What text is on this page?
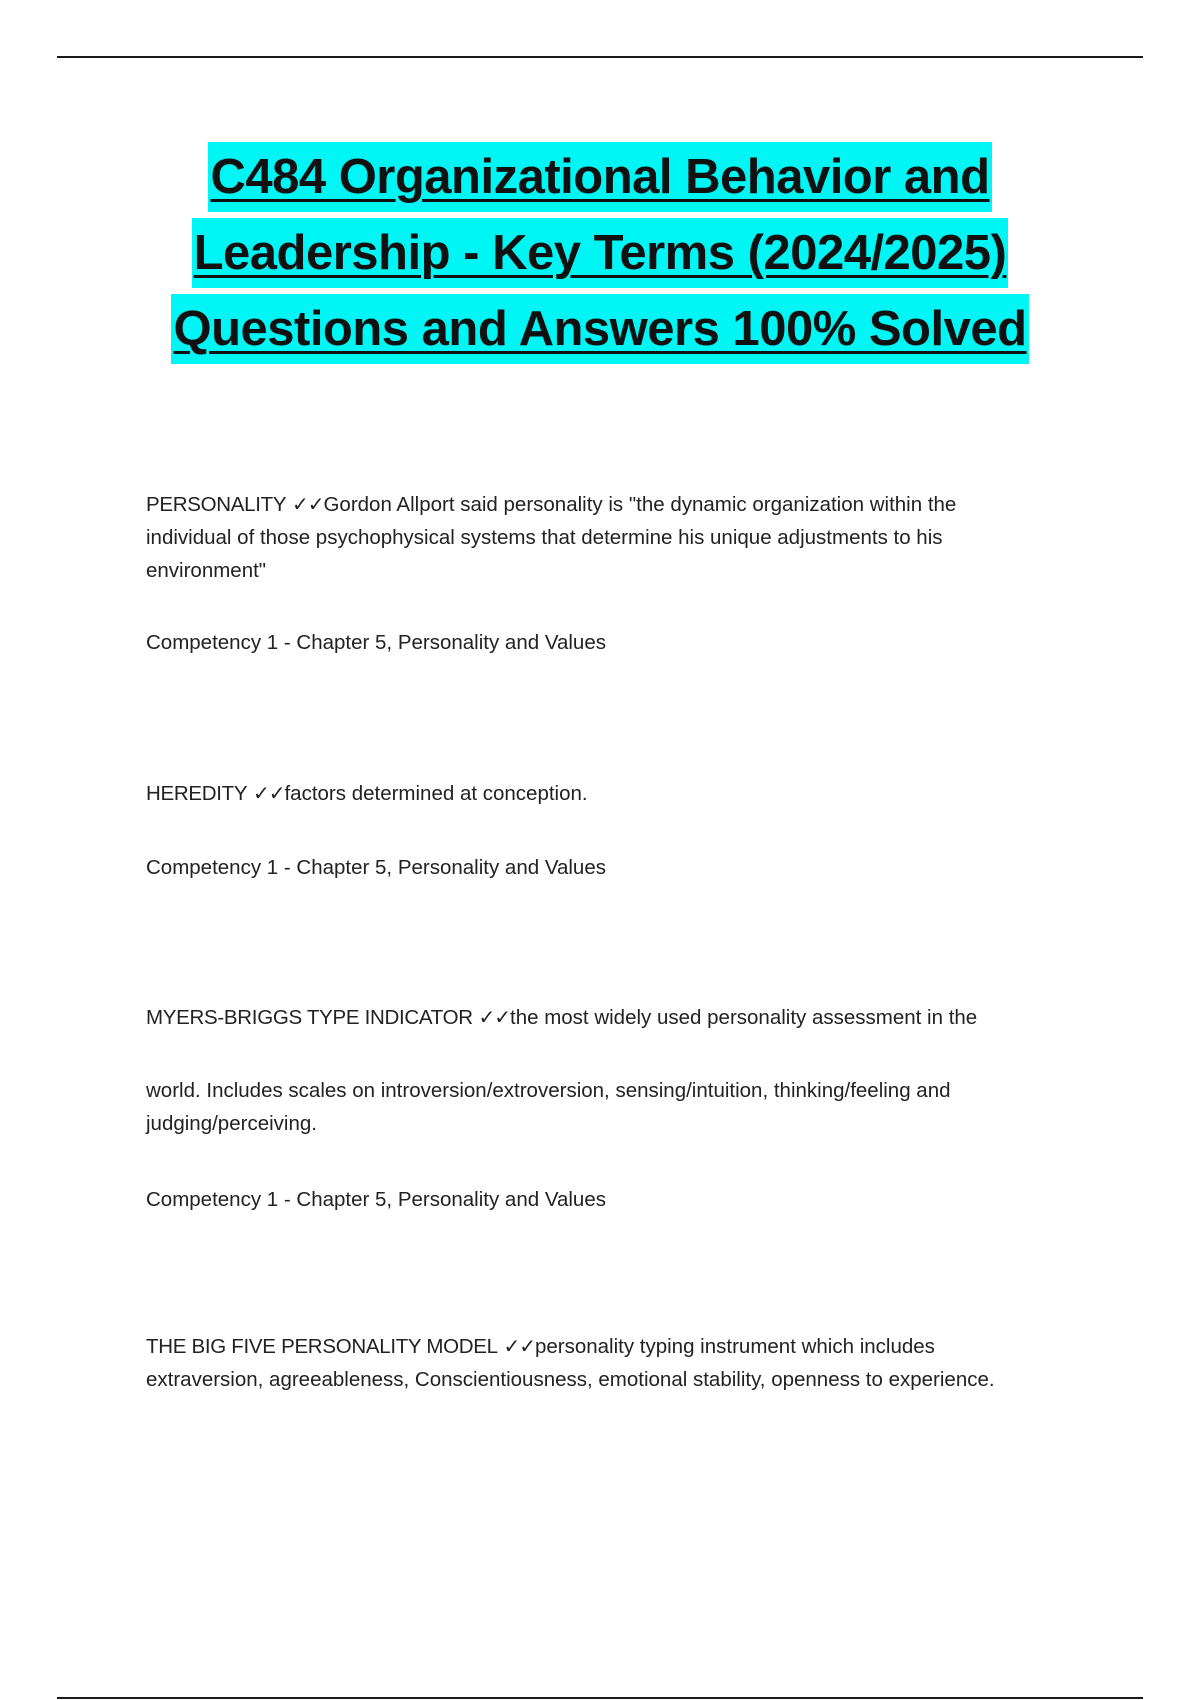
C484 Organizational Behavior and
Leadership - Key Terms (2024/2025)
Questions and Answers 100% Solved

PERSONALITY ✓✓Gordon Allport said personality is "the dynamic organization within the
individual of those psychophysical systems that determine his unique adjustments to his
environment"

Competency 1 - Chapter 5, Personality and Values

HEREDITY ✓✓factors determined at conception.

Competency 1 - Chapter 5, Personality and Values

MYERS-BRIGGS TYPE INDICATOR ✓✓the most widely used personality assessment in the

world. Includes scales on introversion/extroversion, sensing/intuition, thinking/feeling and
judging/perceiving.

Competency 1 - Chapter 5, Personality and Values

THE BIG FIVE PERSONALITY MODEL ✓✓personality typing instrument which includes
extraversion, agreeableness, Conscientiousness, emotional stability, openness to experience.
